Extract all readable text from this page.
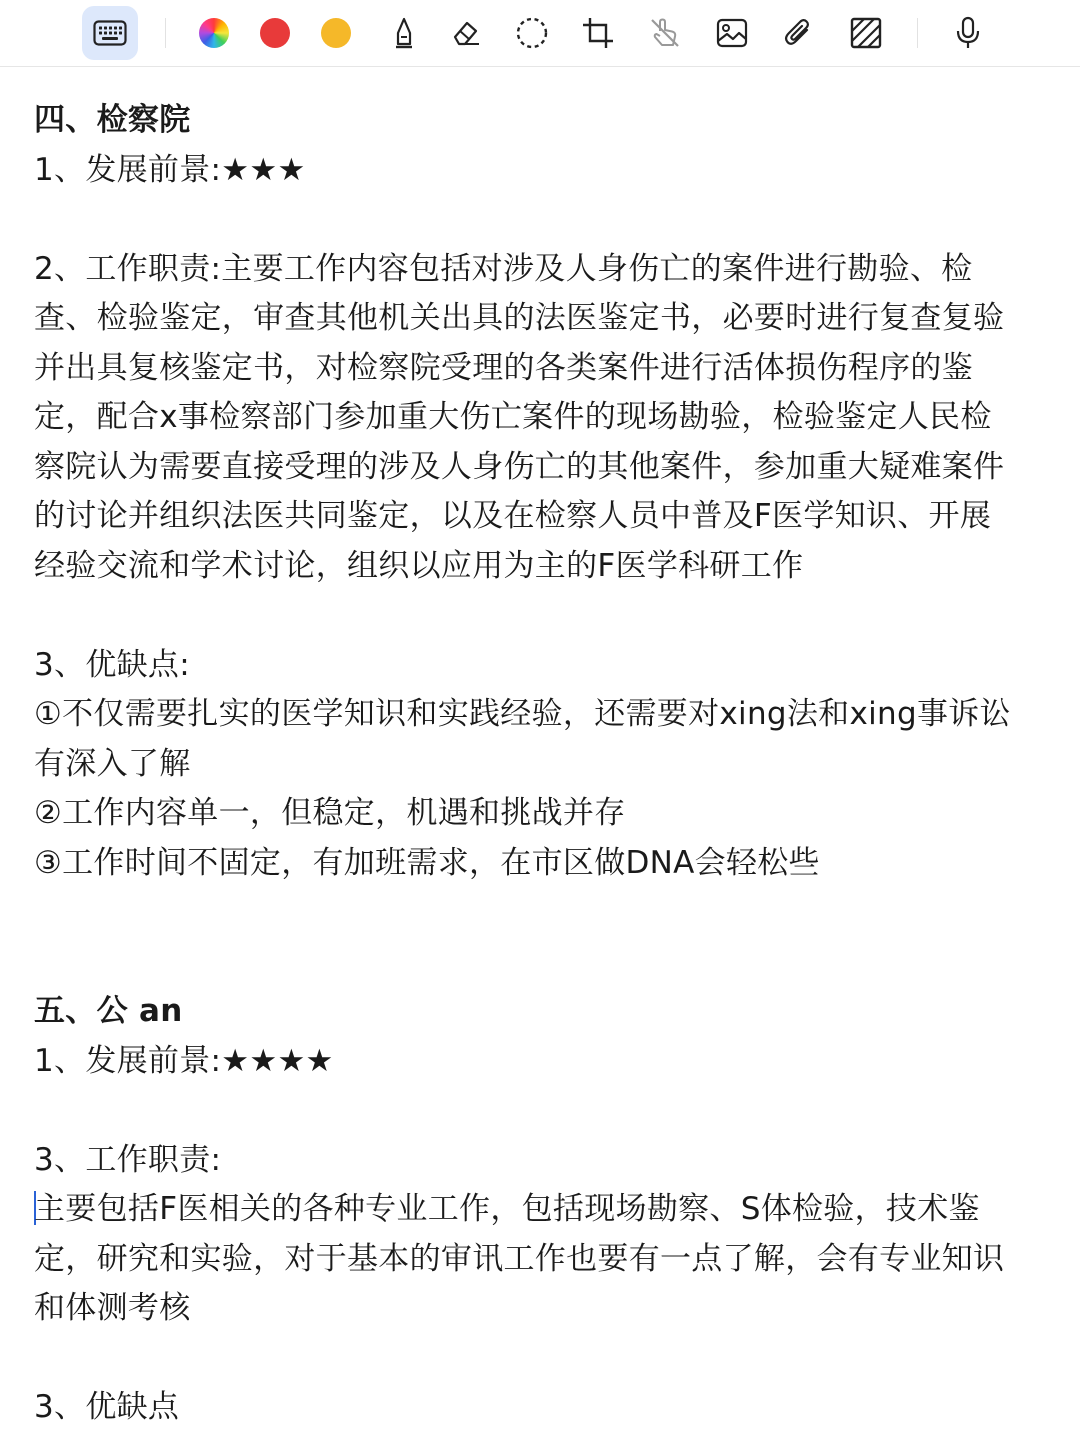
四、检察院

1、发展前景:★★★

2、工作职责:主要工作内容包括对涉及人身伤亡的案件进行勘验、检

查、检验鉴定，审查其他机关出具的法医鉴定书，必要时进行复查复验

并出具复核鉴定书，对检察院受理的各类案件进行活体损伤程序的鉴

定，配合x事检察部门参加重大伤亡案件的现场勘验，检验鉴定人民检

察院认为需要直接受理的涉及人身伤亡的其他案件，参加重大疑难案件

的讨论并组织法医共同鉴定，以及在检察人员中普及F医学知识、开展

经验交流和学术讨论，组织以应用为主的F医学科研工作

3、优缺点:

①不仅需要扎实的医学知识和实践经验，还需要对xing法和xing事诉讼

有深入了解

②工作内容单一，但稳定，机遇和挑战并存

③工作时间不固定，有加班需求，在市区做DNA会轻松些

五、公 an

1、发展前景:★★★★

3、工作职责:

主要包括F医相关的各种专业工作，包括现场勘察、S体检验，技术鉴

定，研究和实验，对于基本的审讯工作也要有一点了解，会有专业知识

和体测考核

3、优缺点
